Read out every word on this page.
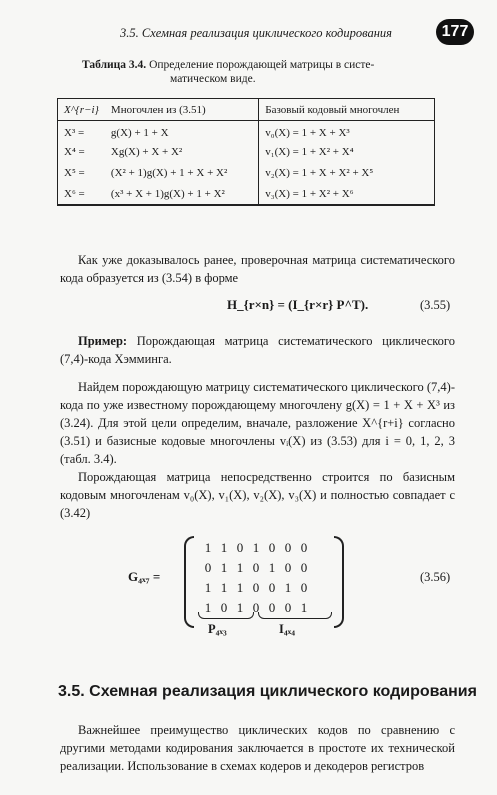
3.5. Схемная реализация циклического кодирования	177
Таблица 3.4. Определение порождающей матрицы в систе-
матическом виде.
X^{r−i}	Многочлен из (3.51)	Базовый кодовый многочлен
X³ =	g(X) + 1 + X	v₀(X) = 1 + X + X³
X⁴ =	Xg(X) + X + X²	v₁(X) = 1 + X² + X⁴
X⁵ =	(X² + 1)g(X) + 1 + X + X²	v₂(X) = 1 + X + X² + X⁵
X⁶ =	(x³ + X + 1)g(X) + 1 + X²	v₃(X) = 1 + X² + X⁶
Как уже доказывалось ранее, проверочная матрица систематического кода образуется из (3.54) в форме
H_{r×n} = (I_{r×r} P^T).	(3.55)
Пример: Порождающая матрица систематического циклического (7,4)-кода Хэмминга.
Найдем порождающую матрицу систематического циклического (7,4)-кода по уже известному порождающему многочлену g(X) = 1 + X + X³ из (3.24). Для этой цели определим, вначале, разложение X^{r+i} согласно (3.51) и базисные кодовые многочлены vᵢ(X) из (3.53) для i = 0, 1, 2, 3 (табл. 3.4).
Порождающая матрица непосредственно строится по базисным кодовым многочленам v₀(X), v₁(X), v₂(X), v₃(X) и полностью совпадает с (3.42)
G₄ₓ₇ =
1 1 0 1 0 0 0
0 1 1 0 1 0 0
1 1 1 0 0 1 0
1 0 1 0 0 0 1
(3.56)
P₄ₓ₃	I₄ₓ₄
3.5. Схемная реализация циклического кодирования
Важнейшее преимущество циклических кодов по сравнению с другими методами кодирования заключается в простоте их технической реализации. Использование в схемах кодеров и декодеров регистров
